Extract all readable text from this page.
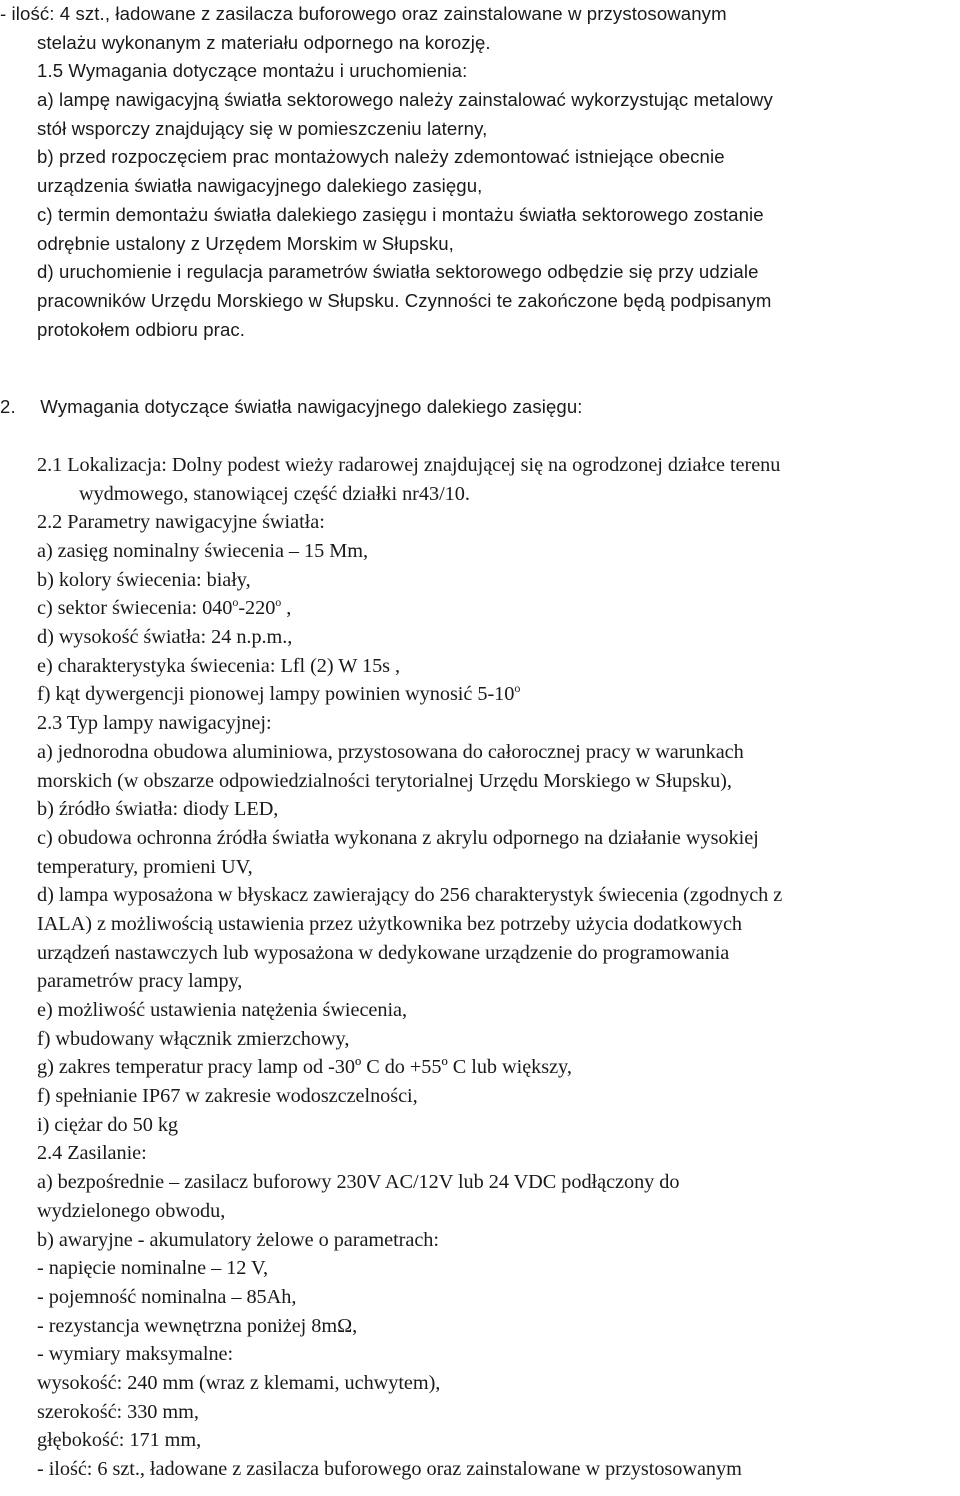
- ilość: 4 szt., ładowane z zasilacza buforowego oraz zainstalowane w przystosowanym
stelażu wykonanym z materiału odpornego na korozję.
1.5 Wymagania dotyczące montażu i uruchomienia:
a) lampę nawigacyjną światła sektorowego należy zainstalować wykorzystując metalowy
stół wsporczy znajdujący się w pomieszczeniu laterny,
b) przed rozpoczęciem prac montażowych należy zdemontować istniejące obecnie
urządzenia światła nawigacyjnego dalekiego zasięgu,
c) termin demontażu światła dalekiego zasięgu i montażu światła sektorowego zostanie
odrębnie ustalony z Urzędem Morskim w Słupsku,
d) uruchomienie i regulacja parametrów światła sektorowego odbędzie się przy udziale
pracowników Urzędu Morskiego w Słupsku. Czynności te zakończone będą podpisanym
protokołem odbioru prac.
2. Wymagania dotyczące światła nawigacyjnego dalekiego zasięgu:
2.1 Lokalizacja: Dolny podest wieży radarowej znajdującej się na ogrodzonej działce terenu
wydmowego, stanowiącej część działki nr43/10.
2.2 Parametry nawigacyjne światła:
a) zasięg nominalny świecenia – 15 Mm,
b) kolory świecenia: biały,
c) sektor świecenia: 040$^o$-220$^o$ ,
d) wysokość światła: 24 n.p.m.,
e) charakterystyka świecenia: Lfl (2) W 15s ,
f) kąt dywergencji pionowej lampy powinien wynosić 5-10$^o$
2.3 Typ lampy nawigacyjnej:
a) jednorodna obudowa aluminiowa, przystosowana do całorocznej pracy w warunkach
morskich (w obszarze odpowiedzialności terytorialnej Urzędu Morskiego w Słupsku),
b) źródło światła: diody LED,
c) obudowa ochronna źródła światła wykonana z akrylu odpornego na działanie wysokiej
temperatury, promieni UV,
d) lampa wyposażona w błyskacz zawierający do 256 charakterystyk świecenia (zgodnych z
IALA) z możliwością ustawienia przez użytkownika bez potrzeby użycia dodatkowych
urządzeń nastawczych lub wyposażona w dedykowane urządzenie do programowania
parametrów pracy lampy,
e) możliwość ustawienia natężenia świecenia,
f) wbudowany włącznik zmierzchowy,
g) zakres temperatur pracy lamp od -30º C do +55º C lub większy,
f) spełnianie IP67 w zakresie wodoszczelności,
i) ciężar do 50 kg
2.4 Zasilanie:
a) bezpośrednie – zasilacz buforowy 230V AC/12V lub 24 VDC podłączony do
wydzielonego obwodu,
b) awaryjne - akumulatory żelowe o parametrach:
- napięcie nominalne – 12 V,
- pojemność nominalna – 85Ah,
- rezystancja wewnętrzna poniżej 8mΩ,
- wymiary maksymalne:
wysokość: 240 mm (wraz z klemami, uchwytem),
szerokość: 330 mm,
głębokość: 171 mm,
- ilość: 6 szt., ładowane z zasilacza buforowego oraz zainstalowane w przystosowanym
